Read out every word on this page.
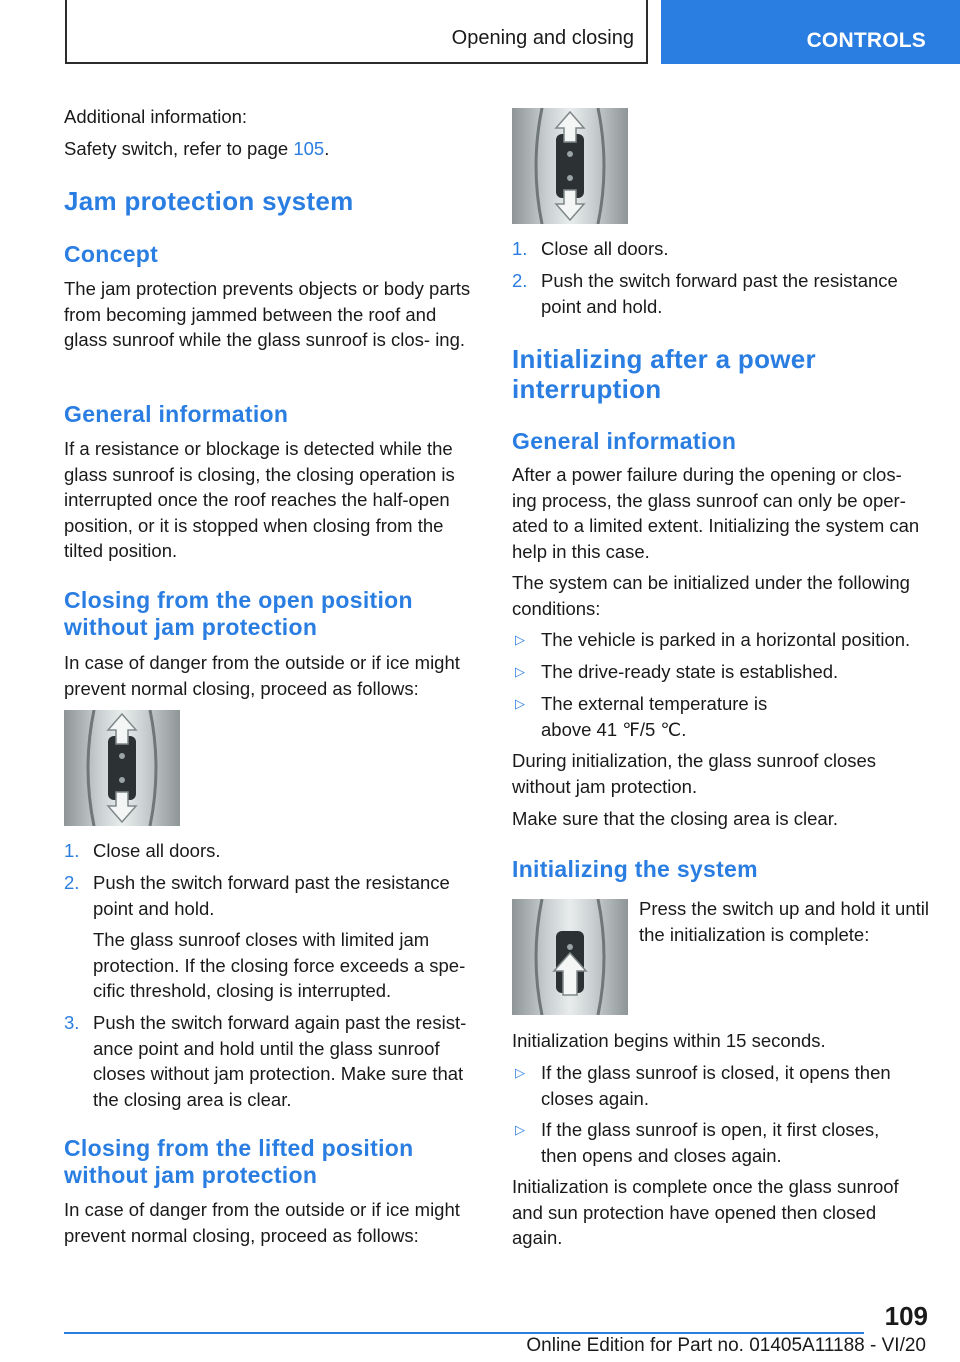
Opening and closing	CONTROLS

Additional information:

Safety switch, refer to page 105.

Jam protection system
Concept

The jam protection prevents objects or body parts from becoming jammed between the roof and glass sunroof while the glass sunroof is clos‐ ing.

General information

If a resistance or blockage is detected while the glass sunroof is closing, the closing operation is interrupted once the roof reaches the half-open position, or it is stopped when closing from the tilted position.

Closing from the open position without jam protection

In case of danger from the outside or if ice might prevent normal closing, proceed as follows:

1. Close all doors.
2. Push the switch forward past the resistance point and hold.
The glass sunroof closes with limited jam protection. If the closing force exceeds a spe‐ cific threshold, closing is interrupted.
3. Push the switch forward again past the resist‐ ance point and hold until the glass sunroof closes without jam protection. Make sure that the closing area is clear.
Closing from the lifted position without jam protection

In case of danger from the outside or if ice might prevent normal closing, proceed as follows:

1. Close all doors.
2. Push the switch forward past the resistance point and hold.
Initializing after a power interruption
General information

After a power failure during the opening or clos‐ ing process, the glass sunroof can only be oper‐ ated to a limited extent. Initializing the system can help in this case.

The system can be initialized under the following conditions:

▷ The vehicle is parked in a horizontal position.
▷ The drive-ready state is established.
▷ The external temperature is above 41 ℉/5 ℃.

During initialization, the glass sunroof closes without jam protection.

Make sure that the closing area is clear.

Initializing the system

Press the switch up and hold it until the initialization is complete:

Initialization begins within 15 seconds.

▷ If the glass sunroof is closed, it opens then closes again.
▷ If the glass sunroof is open, it first closes, then opens and closes again.

Initialization is complete once the glass sunroof and sun protection have opened then closed again.

109
Online Edition for Part no. 01405A11188 - VI/20
